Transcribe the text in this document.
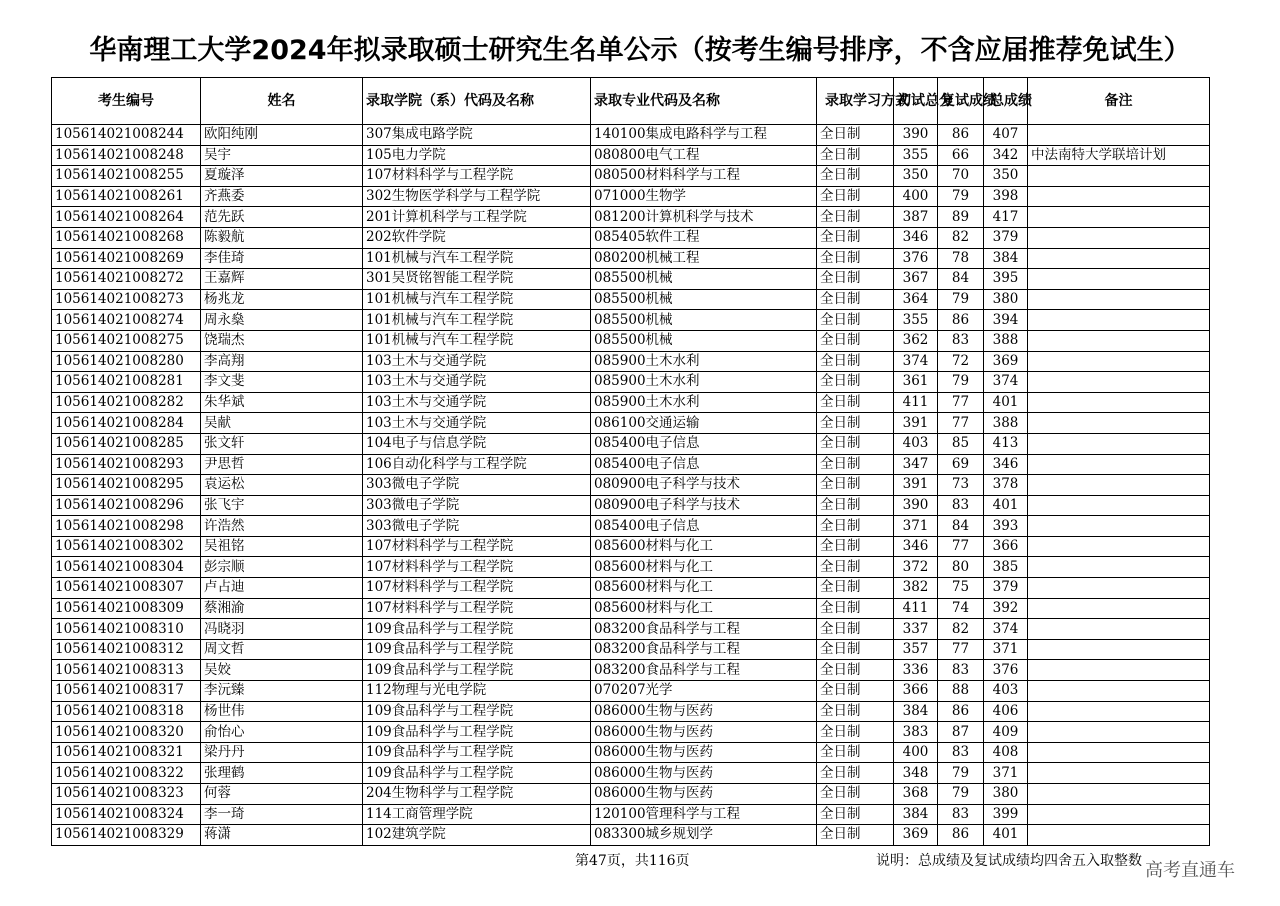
华南理工大学2024年拟录取硕士研究生名单公示（按考生编号排序，不含应届推荐免试生）
考生编号	姓名	录取学院（系）代码及名称	录取专业代码及名称	录取学习方式	初试总分	复试成绩	总成绩	备注
105614021008244	欧阳纯刚	307集成电路学院	140100集成电路科学与工程	全日制	390	86	407	
105614021008248	吴宇	105电力学院	080800电气工程	全日制	355	66	342	中法南特大学联培计划
105614021008255	夏璇泽	107材料科学与工程学院	080500材料科学与工程	全日制	350	70	350	
105614021008261	齐燕委	302生物医学科学与工程学院	071000生物学	全日制	400	79	398	
105614021008264	范先跃	201计算机科学与工程学院	081200计算机科学与技术	全日制	387	89	417	
105614021008268	陈毅航	202软件学院	085405软件工程	全日制	346	82	379	
105614021008269	李佳琦	101机械与汽车工程学院	080200机械工程	全日制	376	78	384	
105614021008272	王嘉辉	301吴贤铭智能工程学院	085500机械	全日制	367	84	395	
105614021008273	杨兆龙	101机械与汽车工程学院	085500机械	全日制	364	79	380	
105614021008274	周永燊	101机械与汽车工程学院	085500机械	全日制	355	86	394	
105614021008275	饶瑞杰	101机械与汽车工程学院	085500机械	全日制	362	83	388	
105614021008280	李高翔	103土木与交通学院	085900土木水利	全日制	374	72	369	
105614021008281	李文斐	103土木与交通学院	085900土木水利	全日制	361	79	374	
105614021008282	朱华斌	103土木与交通学院	085900土木水利	全日制	411	77	401	
105614021008284	吴献	103土木与交通学院	086100交通运输	全日制	391	77	388	
105614021008285	张文轩	104电子与信息学院	085400电子信息	全日制	403	85	413	
105614021008293	尹思哲	106自动化科学与工程学院	085400电子信息	全日制	347	69	346	
105614021008295	袁运松	303微电子学院	080900电子科学与技术	全日制	391	73	378	
105614021008296	张飞宇	303微电子学院	080900电子科学与技术	全日制	390	83	401	
105614021008298	许浩然	303微电子学院	085400电子信息	全日制	371	84	393	
105614021008302	吴祖铭	107材料科学与工程学院	085600材料与化工	全日制	346	77	366	
105614021008304	彭宗顺	107材料科学与工程学院	085600材料与化工	全日制	372	80	385	
105614021008307	卢占迪	107材料科学与工程学院	085600材料与化工	全日制	382	75	379	
105614021008309	蔡湘渝	107材料科学与工程学院	085600材料与化工	全日制	411	74	392	
105614021008310	冯晓羽	109食品科学与工程学院	083200食品科学与工程	全日制	337	82	374	
105614021008312	周文哲	109食品科学与工程学院	083200食品科学与工程	全日制	357	77	371	
105614021008313	吴姣	109食品科学与工程学院	083200食品科学与工程	全日制	336	83	376	
105614021008317	李沅臻	112物理与光电学院	070207光学	全日制	366	88	403	
105614021008318	杨世伟	109食品科学与工程学院	086000生物与医药	全日制	384	86	406	
105614021008320	俞怡心	109食品科学与工程学院	086000生物与医药	全日制	383	87	409	
105614021008321	梁丹丹	109食品科学与工程学院	086000生物与医药	全日制	400	83	408	
105614021008322	张理鹤	109食品科学与工程学院	086000生物与医药	全日制	348	79	371	
105614021008323	何蓉	204生物科学与工程学院	086000生物与医药	全日制	368	79	380	
105614021008324	李一琦	114工商管理学院	120100管理科学与工程	全日制	384	83	399	
105614021008329	蒋潇	102建筑学院	083300城乡规划学	全日制	369	86	401	
第47页，共116页	说明：总成绩及复试成绩均四舍五入取整数 高考直通车
